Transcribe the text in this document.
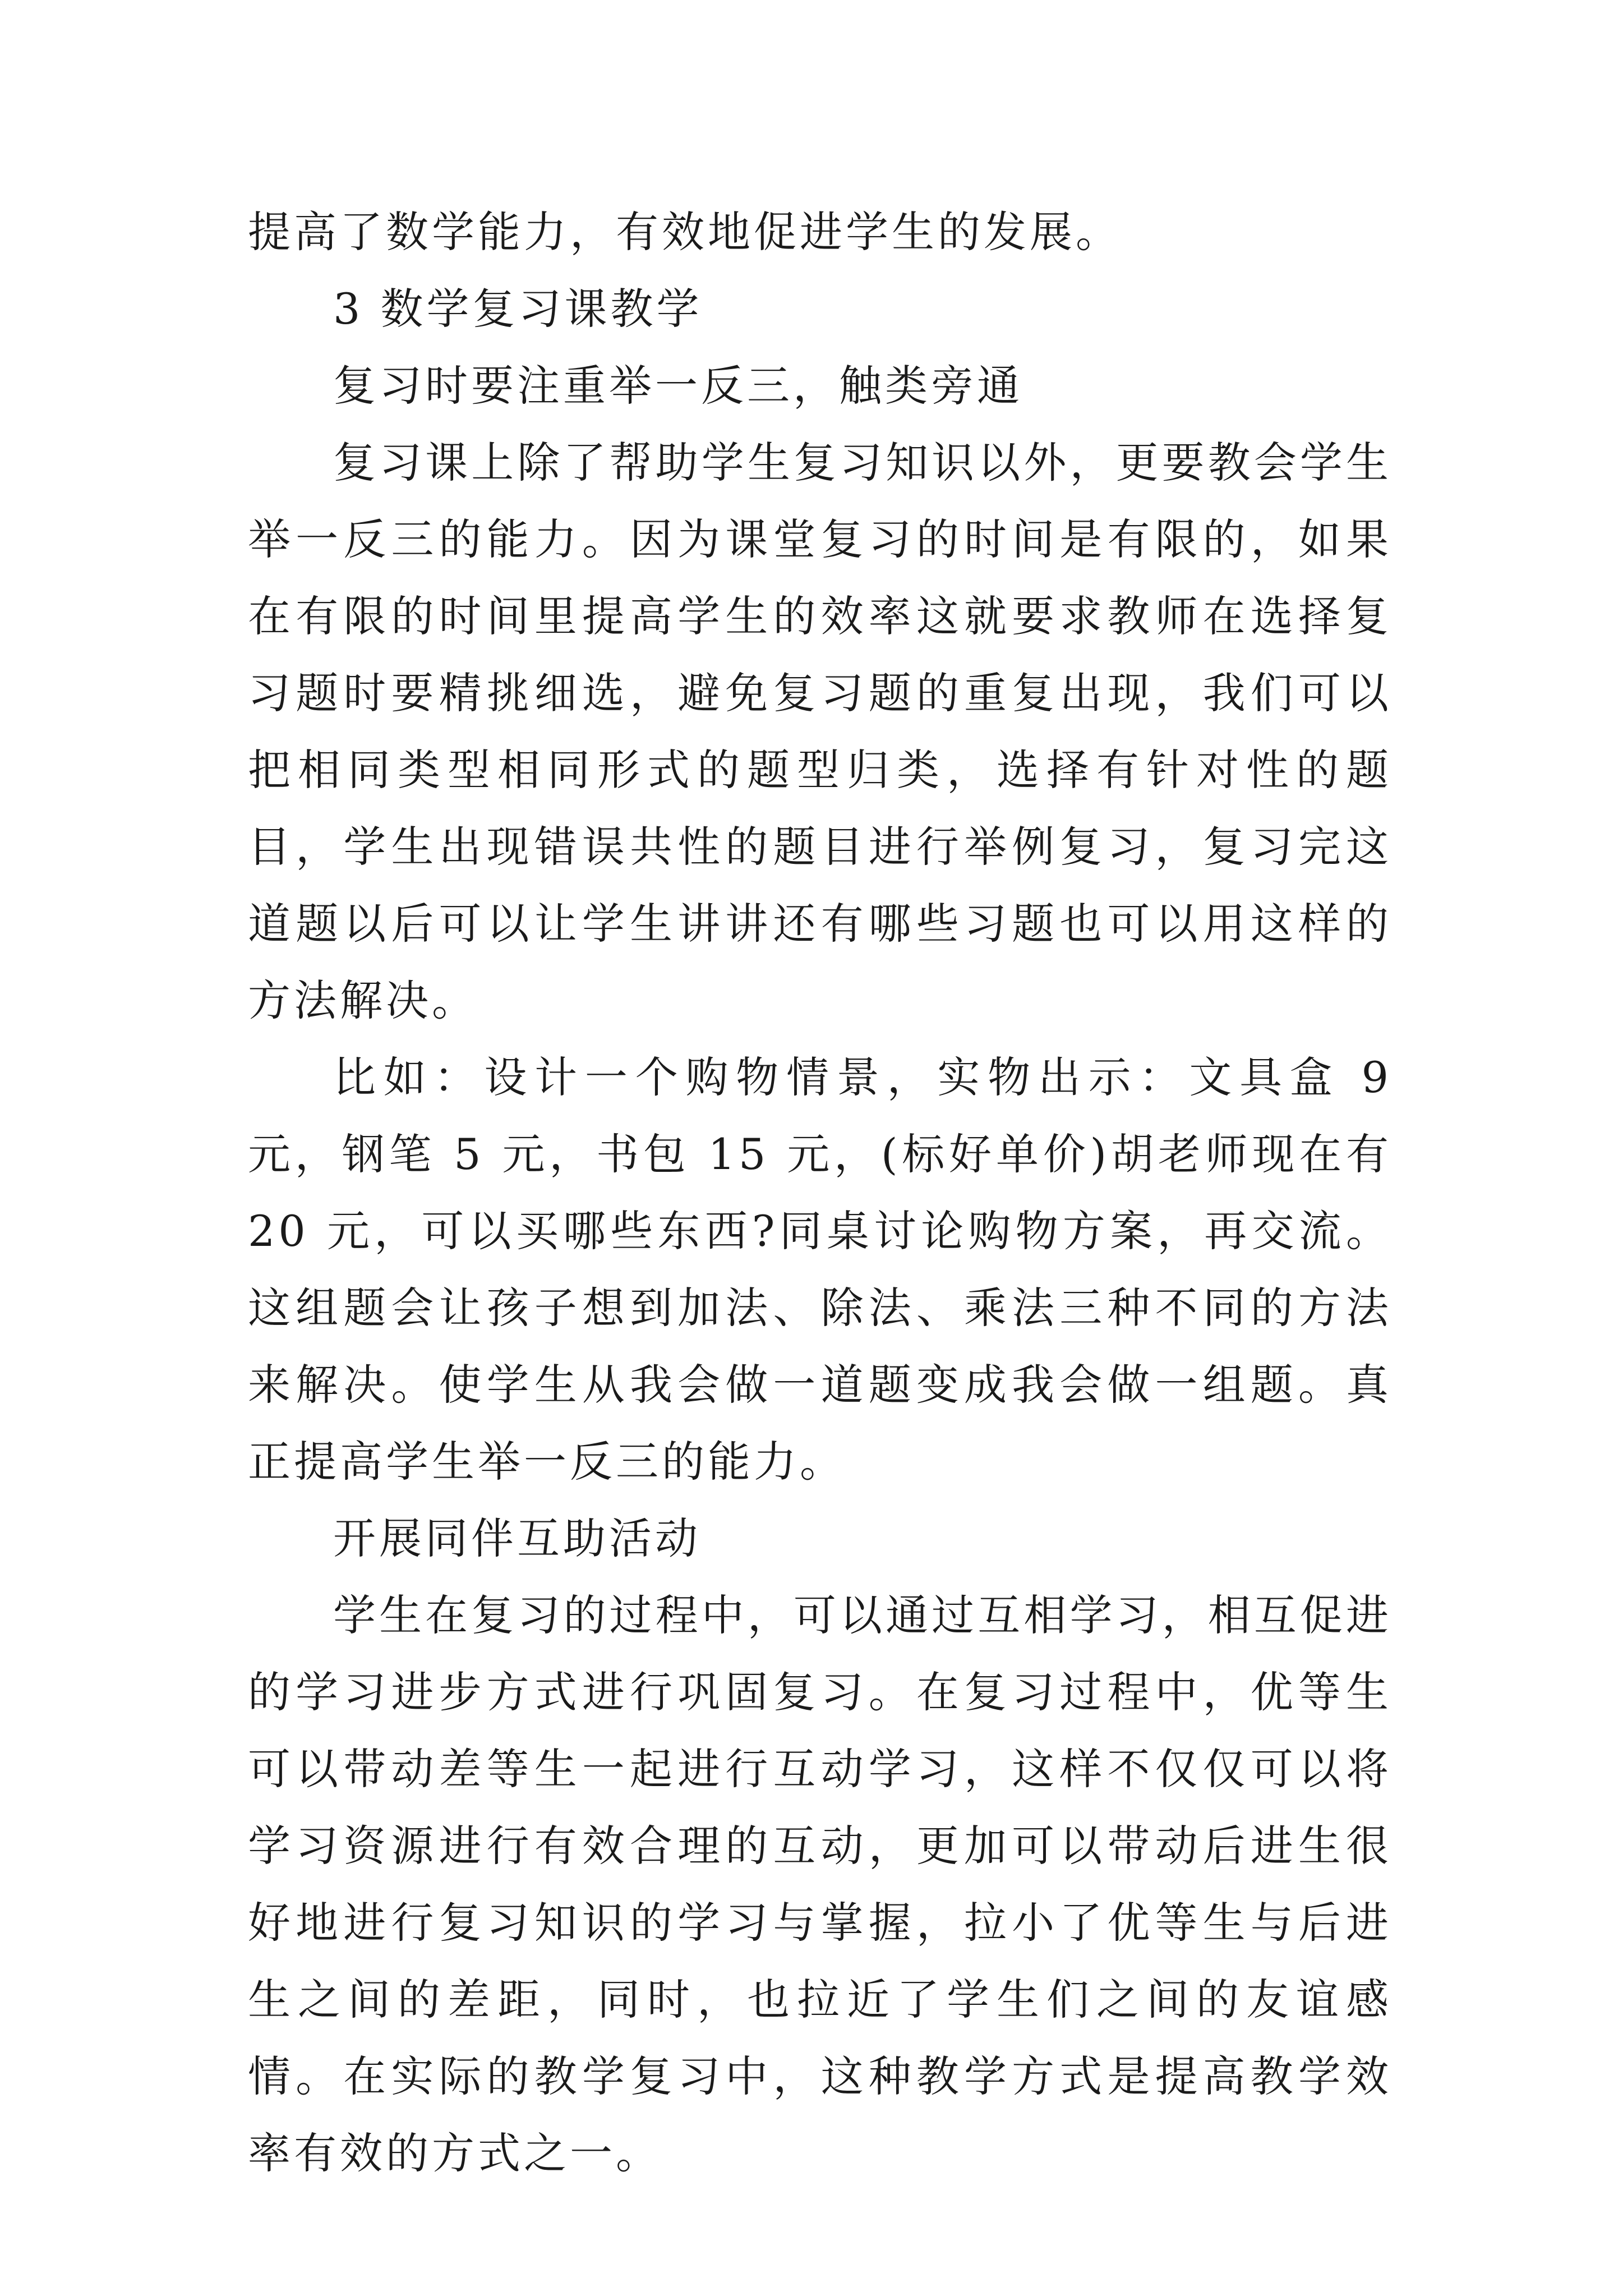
提高了数学能力，有效地促进学生的发展。

3 数学复习课教学

复习时要注重举一反三，触类旁通

复习课上除了帮助学生复习知识以外，更要教会学生举一反三的能力。因为课堂复习的时间是有限的，如果在有限的时间里提高学生的效率这就要求教师在选择复习题时要精挑细选，避免复习题的重复出现，我们可以把相同类型相同形式的题型归类，选择有针对性的题目，学生出现错误共性的题目进行举例复习，复习完这道题以后可以让学生讲讲还有哪些习题也可以用这样的方法解决。

比如：设计一个购物情景，实物出示：文具盒 9 元，钢笔 5 元，书包 15 元，(标好单价)胡老师现在有 20 元，可以买哪些东西?同桌讨论购物方案，再交流。这组题会让孩子想到加法、除法、乘法三种不同的方法来解决。使学生从我会做一道题变成我会做一组题。真正提高学生举一反三的能力。

开展同伴互助活动

学生在复习的过程中，可以通过互相学习，相互促进的学习进步方式进行巩固复习。在复习过程中，优等生可以带动差等生一起进行互动学习，这样不仅仅可以将学习资源进行有效合理的互动，更加可以带动后进生很好地进行复习知识的学习与掌握，拉小了优等生与后进生之间的差距，同时，也拉近了学生们之间的友谊感情。在实际的教学复习中，这种教学方式是提高教学效率有效的方式之一。
